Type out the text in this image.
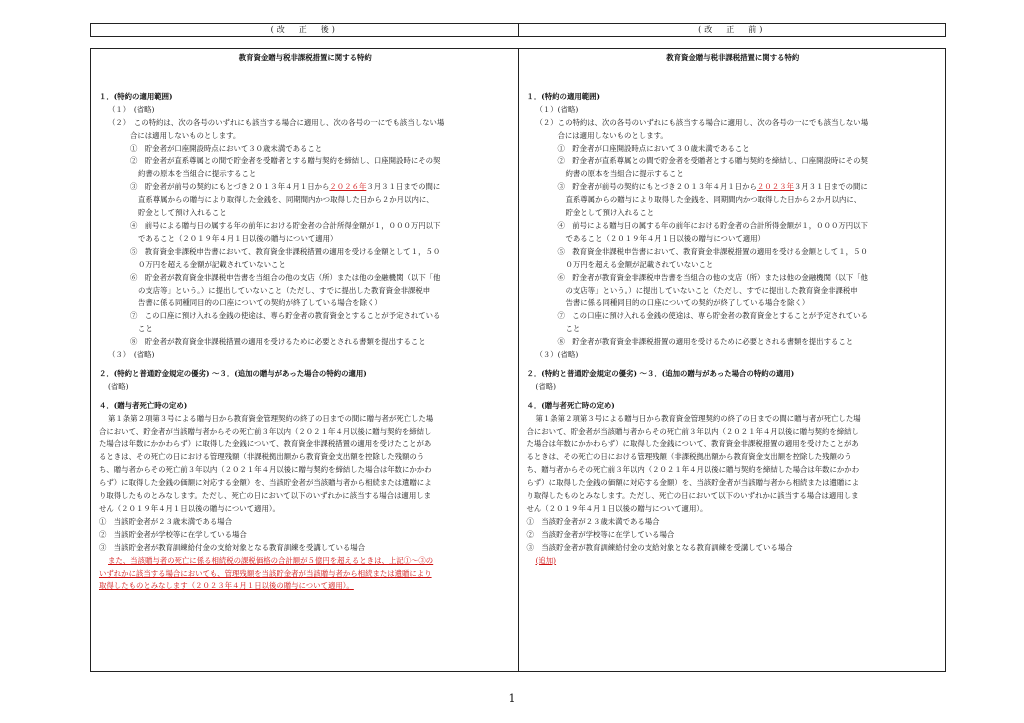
(改　正　後)	(改　正　前)
教育資金贈与税非課税措置に関する特約
１．(特約の適用範囲)
（１）　(省略)
（２）　この特約は、次の各号のいずれにも該当する場合に適用し、次の各号の一にでも該当しない場
合には適用しないものとします。
①　貯金者が口座開設時点において３０歳未満であること
②　貯金者が直系尊属との間で貯金者を受贈者とする贈与契約を締結し、口座開設時にその契
約書の原本を当組合に提示すること
③　貯金者が前号の契約にもとづき２０１３年４月１日から２０２６年３月３１日までの間に
直系尊属からの贈与により取得した金銭を、同期間内かつ取得した日から２か月以内に、
貯金として預け入れること
④　前号による贈与日の属する年の前年における貯金者の合計所得金額が１，０００万円以下
であること（２０１９年４月１日以後の贈与について適用）
⑤　教育資金非課税申告書において、教育資金非課税措置の適用を受ける金額として１，５０
０万円を超える金額が記載されていないこと
⑥　貯金者が教育資金非課税申告書を当組合の他の支店（所）または他の金融機関（以下「他
の支店等」という。）に提出していないこと（ただし、すでに提出した教育資金非課税申
告書に係る同種同目的の口座についての契約が終了している場合を除く）
⑦　この口座に預け入れる金銭の使途は、専ら貯金者の教育資金とすることが予定されている
こと
⑧　貯金者が教育資金非課税措置の適用を受けるために必要とされる書類を提出すること
（３）　(省略)
２．(特約と普通貯金規定の優劣) ～３．(追加の贈与があった場合の特約の適用)
(省略)
４．(贈与者死亡時の定め)
第１条第２項第３号による贈与日から教育資金管理契約の終了の日までの間に贈与者が死亡した場
合において、貯金者が当該贈与者からその死亡前３年以内（２０２１年４月以後に贈与契約を締結し
た場合は年数にかかわらず）に取得した金銭について、教育資金非課税措置の適用を受けたことがあ
るときは、その死亡の日における管理残額（非課税拠出額から教育資金支出額を控除した残額のう
ち、贈与者からその死亡前３年以内（２０２１年４月以後に贈与契約を締結した場合は年数にかかわ
らず）に取得した金銭の価額に対応する金額）を、当該貯金者が当該贈与者から相続または遺贈によ
り取得したものとみなします。ただし、死亡の日において以下のいずれかに該当する場合は適用しま
せん（２０１９年４月１日以後の贈与について適用）。
①　当該貯金者が２３歳未満である場合
②　当該貯金者が学校等に在学している場合
③　当該貯金者が教育訓練給付金の支給対象となる教育訓練を受講している場合
また、当該贈与者の死亡に係る相続税の課税価格の合計額が５億円を超えるときは、上記①～③の
いずれかに該当する場合においても、管理残額を当該貯金者が当該贈与者から相続または遺贈により
取得したものとみなします（２０２３年４月１日以後の贈与について適用）。
教育資金贈与税非課税措置に関する特約
１．(特約の適用範囲)
（１）(省略)
（２）この特約は、次の各号のいずれにも該当する場合に適用し、次の各号の一にでも該当しない場
合には適用しないものとします。
①　貯金者が口座開設時点において３０歳未満であること
②　貯金者が直系尊属との間で貯金者を受贈者とする贈与契約を締結し、口座開設時にその契
約書の原本を当組合に提示すること
③　貯金者が前号の契約にもとづき２０１３年４月１日から２０２３年３月３１日までの間に
直系尊属からの贈与により取得した金銭を、同期間内かつ取得した日から２か月以内に、
貯金として預け入れること
④　前号による贈与日の属する年の前年における貯金者の合計所得金額が１，０００万円以下
であること（２０１９年４月１日以後の贈与について適用）
⑤　教育資金非課税申告書において、教育資金非課税措置の適用を受ける金額として１，５０
０万円を超える金額が記載されていないこと
⑥　貯金者が教育資金非課税申告書を当組合の他の支店（所）または他の金融機関（以下「他
の支店等」という。）に提出していないこと（ただし、すでに提出した教育資金非課税申
告書に係る同種同目的の口座についての契約が終了している場合を除く）
⑦　この口座に預け入れる金銭の使途は、専ら貯金者の教育資金とすることが予定されている
こと
⑧　貯金者が教育資金非課税措置の適用を受けるために必要とされる書類を提出すること
（３）(省略)
２．(特約と普通貯金規定の優劣) ～３．(追加の贈与があった場合の特約の適用)
(省略)
４．(贈与者死亡時の定め)
第１条第２項第３号による贈与日から教育資金管理契約の終了の日までの間に贈与者が死亡した場
合において、貯金者が当該贈与者からその死亡前３年以内（２０２１年４月以後に贈与契約を締結し
た場合は年数にかかわらず）に取得した金銭について、教育資金非課税措置の適用を受けたことがあ
るときは、その死亡の日における管理残額（非課税拠出額から教育資金支出額を控除した残額のう
ち、贈与者からその死亡前３年以内（２０２１年４月以後に贈与契約を締結した場合は年数にかかわ
らず）に取得した金銭の価額に対応する金額）を、当該貯金者が当該贈与者から相続または遺贈によ
り取得したものとみなします。ただし、死亡の日において以下のいずれかに該当する場合は適用しま
せん（２０１９年４月１日以後の贈与について適用）。
①　当該貯金者が２３歳未満である場合
②　当該貯金者が学校等に在学している場合
③　当該貯金者が教育訓練給付金の支給対象となる教育訓練を受講している場合
(追加)
1
